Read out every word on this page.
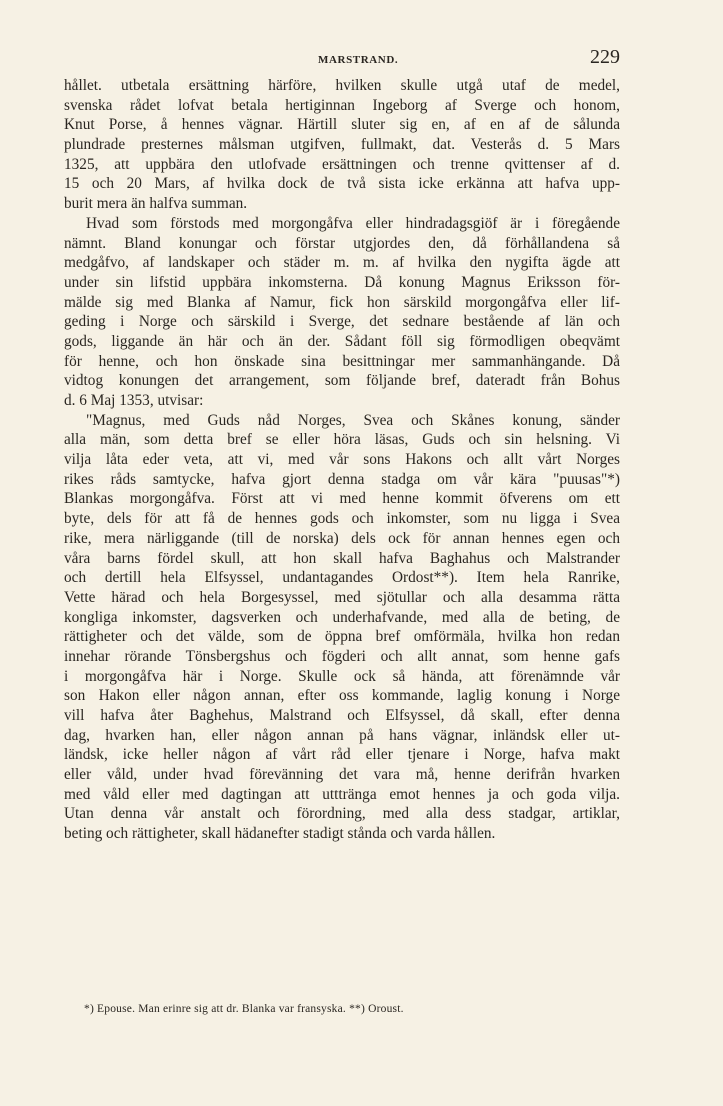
MARSTRAND.	229
hållet. utbetala ersättning härföre, hvilken skulle utgå utaf de medel,
svenska rådet lofvat betala hertiginnan Ingeborg af Sverge och honom,
Knut Porse, å hennes vägnar. Härtill sluter sig en, af en af de sålunda
plundrade presternes målsman utgifven, fullmakt, dat. Vesterås d. 5 Mars
1325, att uppbära den utlofvade ersättningen och trenne qvittenser af d.
15 och 20 Mars, af hvilka dock de två sista icke erkänna att hafva upp-
burit mera än halfva summan.
Hvad som förstods med morgongåfva eller hindradagsgiöf är i föregående
nämnt. Bland konungar och förstar utgjordes den, då förhållandena så
medgåfvo, af landskaper och städer m. m. af hvilka den nygifta ägde att
under sin lifstid uppbära inkomsterna. Då konung Magnus Eriksson för-
mälde sig med Blanka af Namur, fick hon särskild morgongåfva eller lif-
geding i Norge och särskild i Sverge, det sednare bestående af län och
gods, liggande än här och än der. Sådant föll sig förmodligen obeqvämt
för henne, och hon önskade sina besittningar mer sammanhängande. Då
vidtog konungen det arrangement, som följande bref, dateradt från Bohus
d. 6 Maj 1353, utvisar:
"Magnus, med Guds nåd Norges, Svea och Skånes konung, sänder
alla män, som detta bref se eller höra läsas, Guds och sin helsning. Vi
vilja låta eder veta, att vi, med vår sons Hakons och allt vårt Norges
rikes råds samtycke, hafva gjort denna stadga om vår kära "puusas"*)
Blankas morgongåfva. Först att vi med henne kommit öfverens om ett
byte, dels för att få de hennes gods och inkomster, som nu ligga i Svea
rike, mera närliggande (till de norska) dels ock för annan hennes egen och
våra barns fördel skull, att hon skall hafva Baghahus och Malstrander
och dertill hela Elfsyssel, undantagandes Ordost**). Item hela Ranrike,
Vette härad och hela Borgesyssel, med sjötullar och alla desamma rätta
kongliga inkomster, dagsverken och underhafvande, med alla de beting, de
rättigheter och det välde, som de öppna bref omförmäla, hvilka hon redan
innehar rörande Tönsbergshus och fögderi och allt annat, som henne gafs
i morgongåfva här i Norge. Skulle ock så hända, att förenämnde vår
son Hakon eller någon annan, efter oss kommande, laglig konung i Norge
vill hafva åter Baghehus, Malstrand och Elfsyssel, då skall, efter denna
dag, hvarken han, eller någon annan på hans vägnar, inländsk eller ut-
ländsk, icke heller någon af vårt råd eller tjenare i Norge, hafva makt
eller våld, under hvad förevänning det vara må, henne derifrån hvarken
med våld eller med dagtingan att utttränga emot hennes ja och goda vilja.
Utan denna vår anstalt och förordning, med alla dess stadgar, artiklar,
beting och rättigheter, skall hädanefter stadigt stånda och varda hållen.
*) Epouse. Man erinre sig att dr. Blanka var fransyska. **) Oroust.
